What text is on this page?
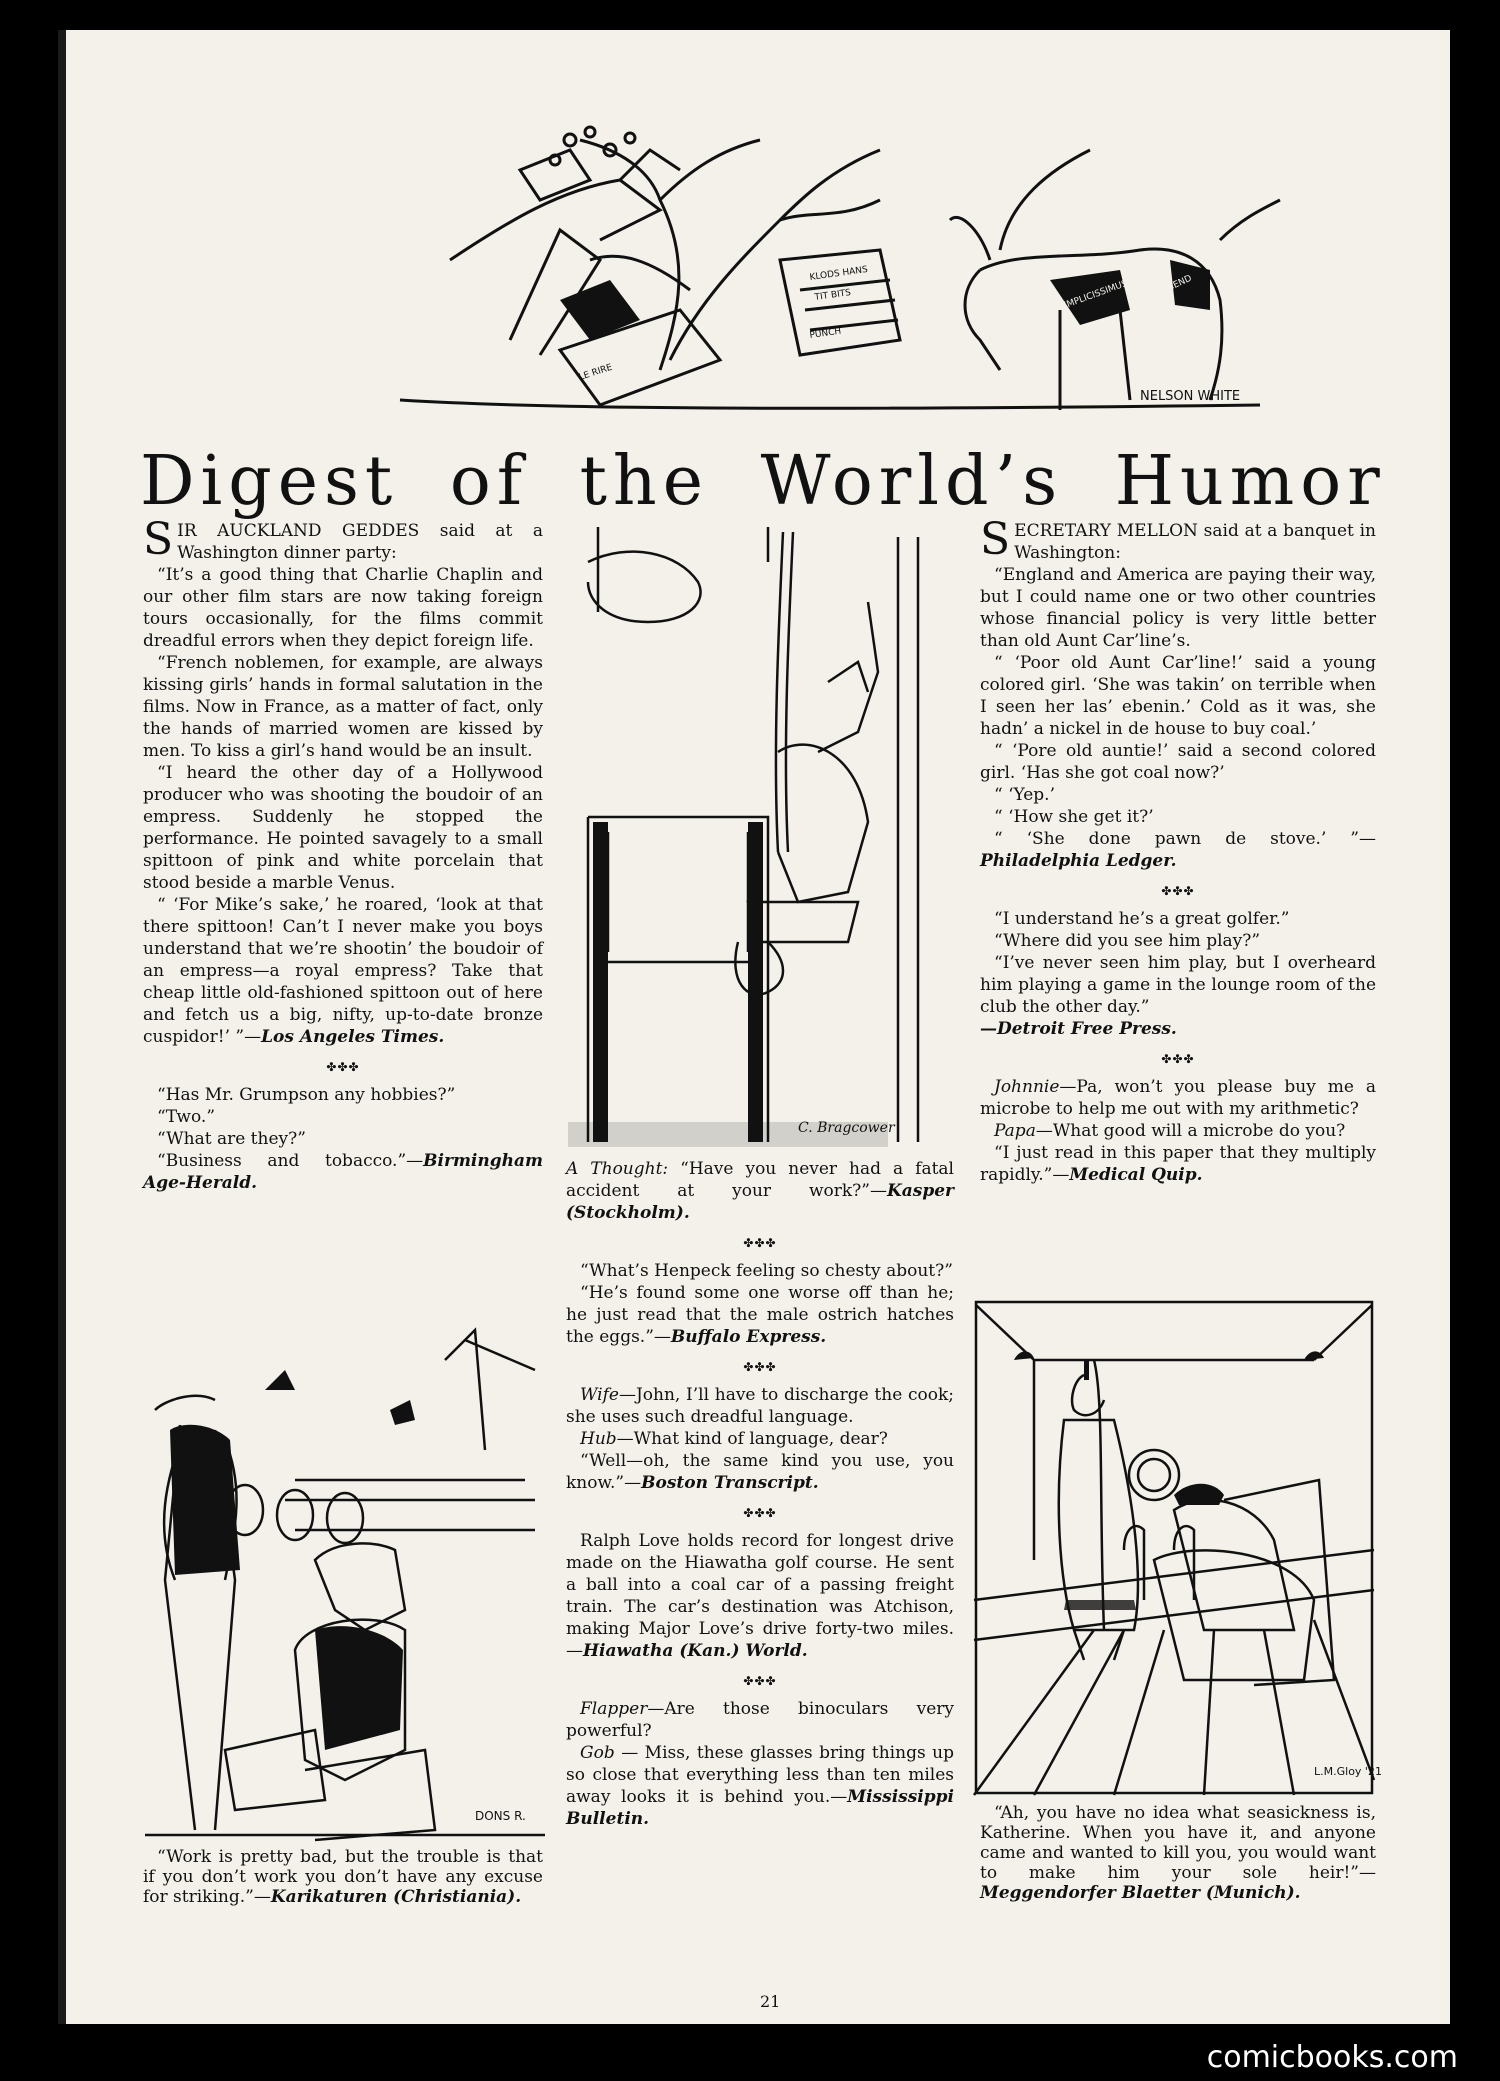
NELSON WHITE
LE RIRE
PUNCH
TIT BITS
KLODS HANS
SIMPLICISSIMUS	JUGEND
Digest of the World’s Humor

SIR AUCKLAND GEDDES said at a Washington dinner party:

“It’s a good thing that Charlie Chaplin and our other film stars are now taking foreign tours occasionally, for the films commit dreadful errors when they depict foreign life.

“French noblemen, for example, are always kissing girls’ hands in formal salutation in the films. Now in France, as a matter of fact, only the hands of married women are kissed by men. To kiss a girl’s hand would be an insult.

“I heard the other day of a Hollywood producer who was shooting the boudoir of an empress. Suddenly he stopped the performance. He pointed savagely to a small spittoon of pink and white porcelain that stood beside a marble Venus.

“ ‘For Mike’s sake,’ he roared, ‘look at that there spittoon! Can’t I never make you boys understand that we’re shootin’ the boudoir of an empress—a royal empress? Take that cheap little old-fashioned spittoon out of here and fetch us a big, nifty, up-to-date bronze cuspidor!’ ”—Los Angeles Times.

✤✤✤

“Has Mr. Grumpson any hobbies?”

“Two.”

“What are they?”

“Business and tobacco.”—Birmingham Age-Herald.

DONS R.

“Work is pretty bad, but the trouble is that if you don’t work you don’t have any excuse for striking.”—Karikaturen (Christiania).

C. Bragcower

A Thought: “Have you never had a fatal accident at your work?”—Kasper (Stockholm).

✤✤✤

“What’s Henpeck feeling so chesty about?”

“He’s found some one worse off than he; he just read that the male ostrich hatches the eggs.”—Buffalo Express.

✤✤✤

Wife—John, I’ll have to discharge the cook; she uses such dreadful language.

Hub—What kind of language, dear?

“Well—oh, the same kind you use, you know.”—Boston Transcript.

✤✤✤

Ralph Love holds record for longest drive made on the Hiawatha golf course. He sent a ball into a coal car of a passing freight train. The car’s destination was Atchison, making Major Love’s drive forty-two miles.—Hiawatha (Kan.) World.

✤✤✤

Flapper—Are those binoculars very powerful?

Gob — Miss, these glasses bring things up so close that everything less than ten miles away looks it is behind you.—Mississippi Bulletin.

SECRETARY MELLON said at a banquet in Washington:

“England and America are paying their way, but I could name one or two other countries whose financial policy is very little better than old Aunt Car’line’s.

“ ‘Poor old Aunt Car’line!’ said a young colored girl. ‘She was takin’ on terrible when I seen her las’ ebenin.’ Cold as it was, she hadn’ a nickel in de house to buy coal.’

“ ‘Pore old auntie!’ said a second colored girl. ‘Has she got coal now?’

“ ‘Yep.’

“ ‘How she get it?’

“ ‘She done pawn de stove.’ ”—Philadelphia Ledger.

✤✤✤

“I understand he’s a great golfer.”

“Where did you see him play?”

“I’ve never seen him play, but I overheard him playing a game in the lounge room of the club the other day.”

—Detroit Free Press.

✤✤✤

Johnnie—Pa, won’t you please buy me a microbe to help me out with my arithmetic?

Papa—What good will a microbe do you?

“I just read in this paper that they multiply rapidly.”—Medical Quip.

L.M.Gloy '21

“Ah, you have no idea what seasickness is, Katherine. When you have it, and anyone came and wanted to kill you, you would want to make him your sole heir!”—Meggendorfer Blaetter (Munich).

21
comicbooks.com
